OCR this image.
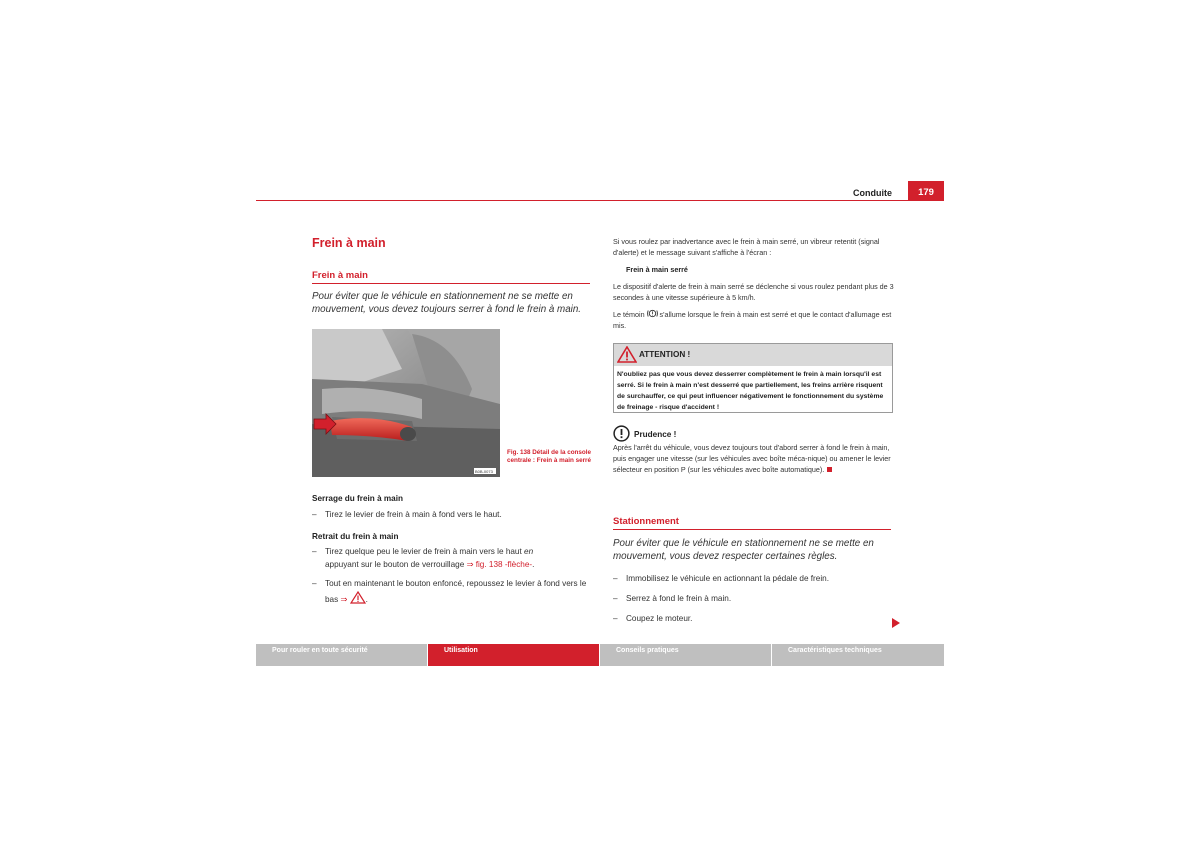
Conduite	179
Frein à main
Frein à main
Pour éviter que le véhicule en stationnement ne se mette en mouvement, vous devez toujours serrer à fond le frein à main.
B0B-0073
Fig. 138 Détail de la console centrale : Frein à main serré
Serrage du frein à main
– Tirez le levier de frein à main à fond vers le haut.
Retrait du frein à main
– Tirez quelque peu le levier de frein à main vers le haut en
appuyant sur le bouton de verrouillage ⇒ fig. 138 -flèche-.
– Tout en maintenant le bouton enfoncé, repoussez le levier à fond vers le bas ⇒ .
Si vous roulez par inadvertance avec le frein à main serré, un vibreur retentit (signal d'alerte) et le message suivant s'affiche à l'écran :
Frein à main serré
Le dispositif d'alerte de frein à main serré se déclenche si vous roulez pendant plus de 3 secondes à une vitesse supérieure à 5 km/h.
Le témoin  s'allume lorsque le frein à main est serré et que le contact d'allumage est mis.
ATTENTION !
N'oubliez pas que vous devez desserrer complètement le frein à main lorsqu'il est serré. Si le frein à main n'est desserré que partiellement, les freins arrière risquent de surchauffer, ce qui peut influencer négativement le fonctionnement du système de freinage - risque d'accident !
Prudence !
Après l'arrêt du véhicule, vous devez toujours tout d'abord serrer à fond le frein à main, puis engager une vitesse (sur les véhicules avec boîte méca-nique) ou amener le levier sélecteur en position P (sur les véhicules avec boîte automatique).
Stationnement
Pour éviter que le véhicule en stationnement ne se mette en mouvement, vous devez respecter certaines règles.
– Immobilisez le véhicule en actionnant la pédale de frein.
– Serrez à fond le frein à main.
– Coupez le moteur.
Pour rouler en toute sécurité	Utilisation	Conseils pratiques	Caractéristiques techniques
